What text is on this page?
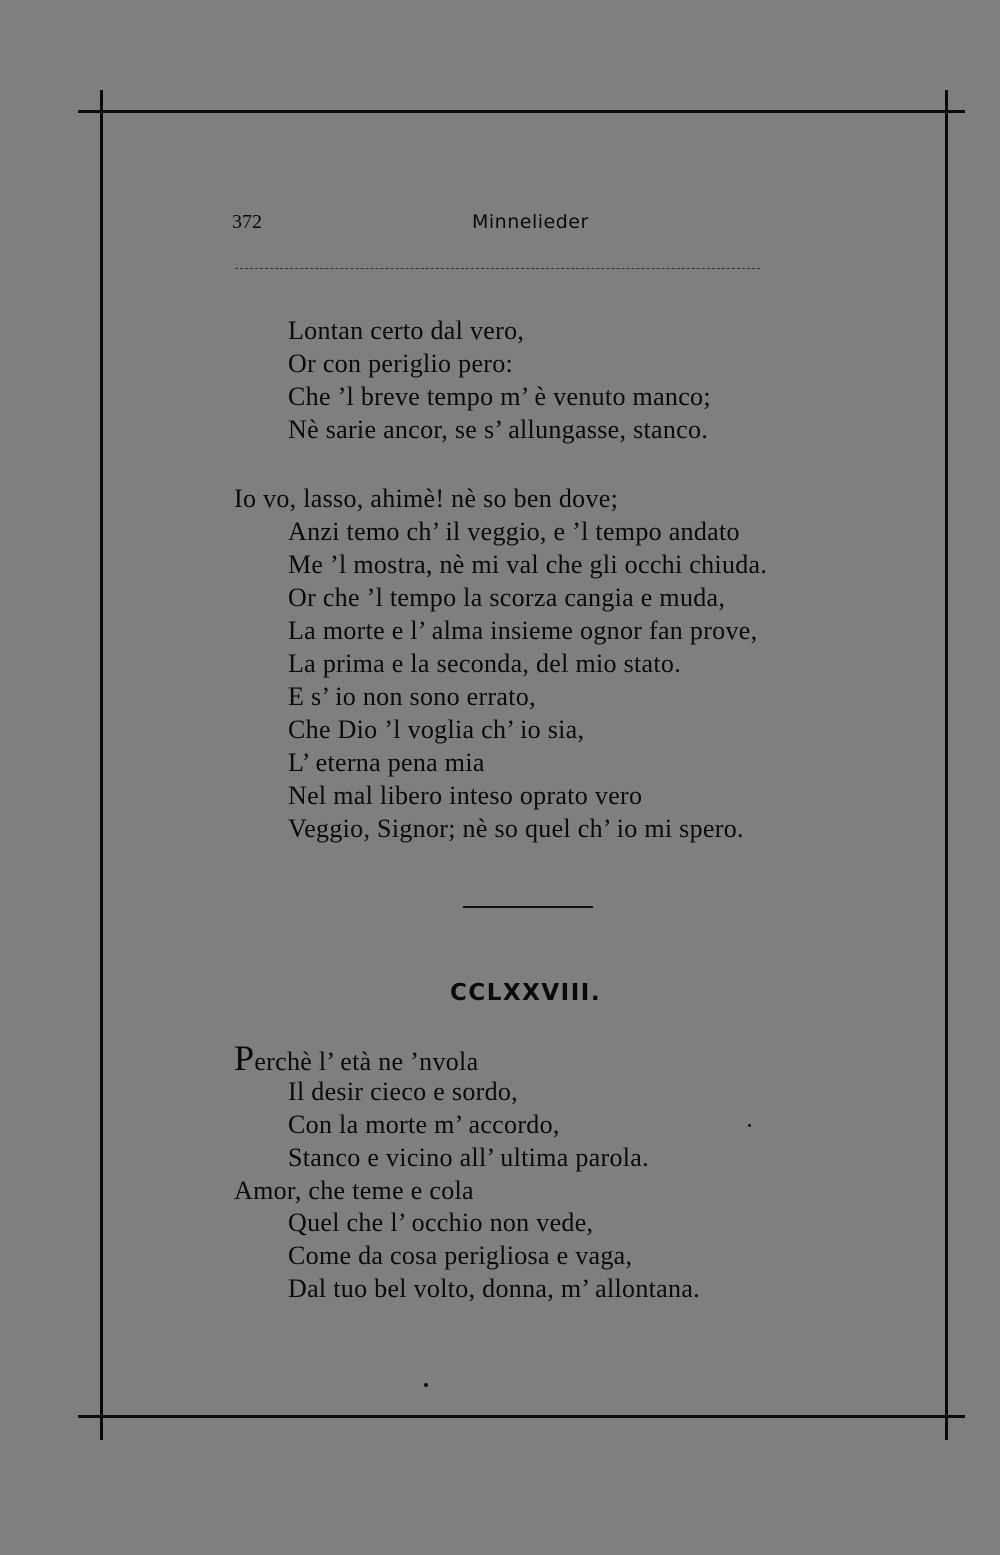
372	Minnelieder
Lontan certo dal vero,
Or con periglio pero:
Che ’l breve tempo m’ è venuto manco;
Nè sarie ancor, se s’ allungasse, stanco.
Io vo, lasso, ahimè! nè so ben dove;
Anzi temo ch’ il veggio, e ’l tempo andato
Me ’l mostra, nè mi val che gli occhi chiuda.
Or che ’l tempo la scorza cangia e muda,
La morte e l’ alma insieme ognor fan prove,
La prima e la seconda, del mio stato.
E s’ io non sono errato,
Che Dio ’l voglia ch’ io sia,
L’ eterna pena mia
Nel mal libero inteso oprato vero
Veggio, Signor; nè so quel ch’ io mi spero.
CCLXXVIII.
Perchè l’ età ne ’nvola
Il desir cieco e sordo,
Con la morte m’ accordo,
Stanco e vicino all’ ultima parola.
Amor, che teme e cola
Quel che l’ occhio non vede,
Come da cosa perigliosa e vaga,
Dal tuo bel volto, donna, m’ allontana.
